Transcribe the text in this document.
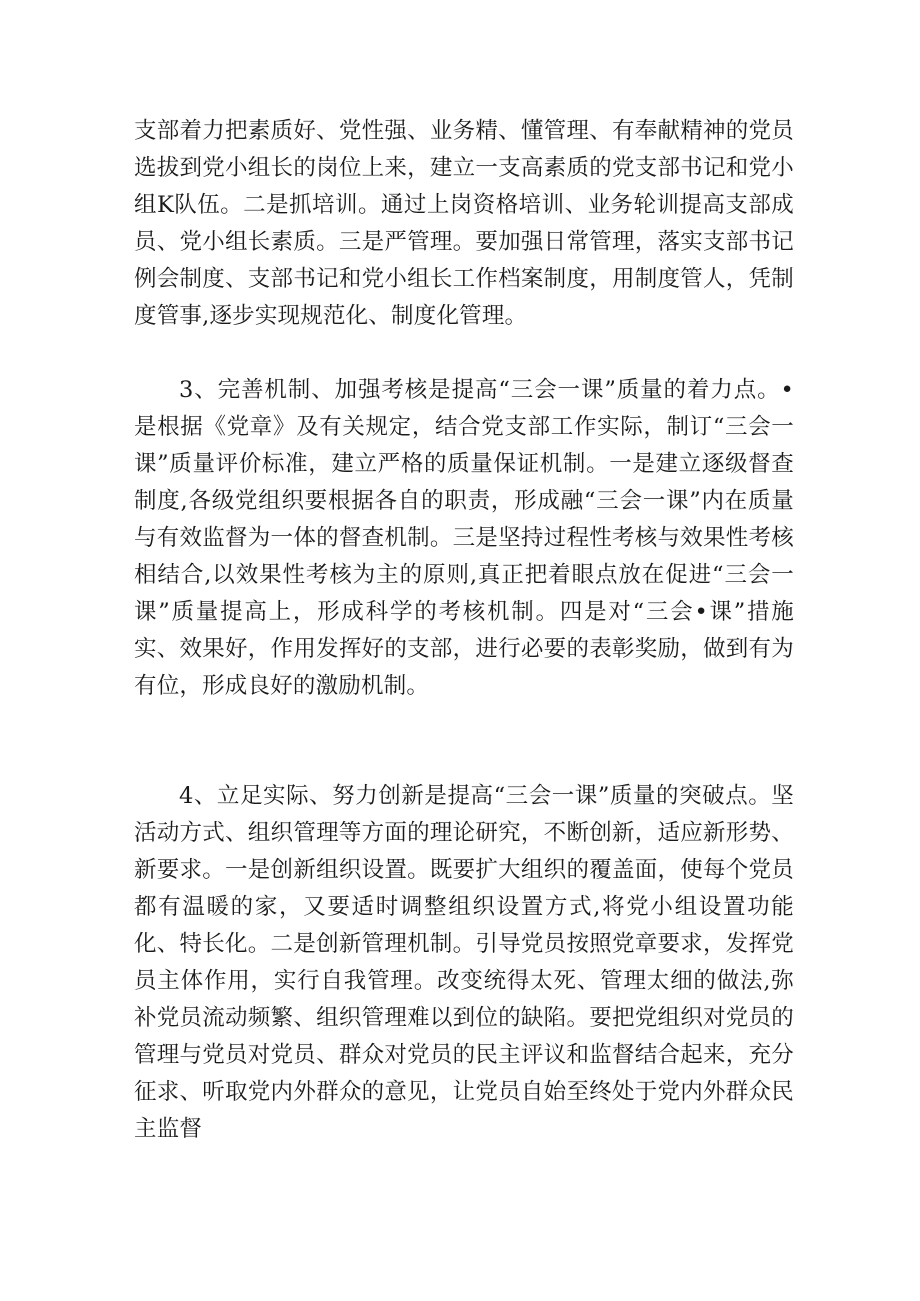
支部着力把素质好、党性强、业务精、懂管理、有奉献精神的党员选拔到党小组长的岗位上来，建立一支高素质的党支部书记和党小组K队伍。二是抓培训。通过上岗资格培训、业务轮训提高支部成员、党小组长素质。三是严管理。要加强日常管理，落实支部书记例会制度、支部书记和党小组长工作档案制度，用制度管人，凭制度管事,逐步实现规范化、制度化管理。

3、完善机制、加强考核是提高“三会一课”质量的着力点。•是根据《党章》及有关规定，结合党支部工作实际，制订“三会一课”质量评价标准，建立严格的质量保证机制。一是建立逐级督查制度,各级党组织要根据各自的职责，形成融“三会一课”内在质量与有效监督为一体的督查机制。三是坚持过程性考核与效果性考核相结合,以效果性考核为主的原则,真正把着眼点放在促进“三会一课”质量提高上，形成科学的考核机制。四是对“三会•课”措施实、效果好，作用发挥好的支部，进行必要的表彰奖励，做到有为有位，形成良好的激励机制。

4、立足实际、努力创新是提高“三会一课”质量的突破点。坚活动方式、组织管理等方面的理论研究，不断创新，适应新形势、新要求。一是创新组织设置。既要扩大组织的覆盖面，使每个党员都有温暖的家，又要适时调整组织设置方式,将党小组设置功能化、特长化。二是创新管理机制。引导党员按照党章要求，发挥党员主体作用，实行自我管理。改变统得太死、管理太细的做法,弥补党员流动频繁、组织管理难以到位的缺陷。要把党组织对党员的管理与党员对党员、群众对党员的民主评议和监督结合起来，充分征求、听取党内外群众的意见，让党员自始至终处于党内外群众民主监督
